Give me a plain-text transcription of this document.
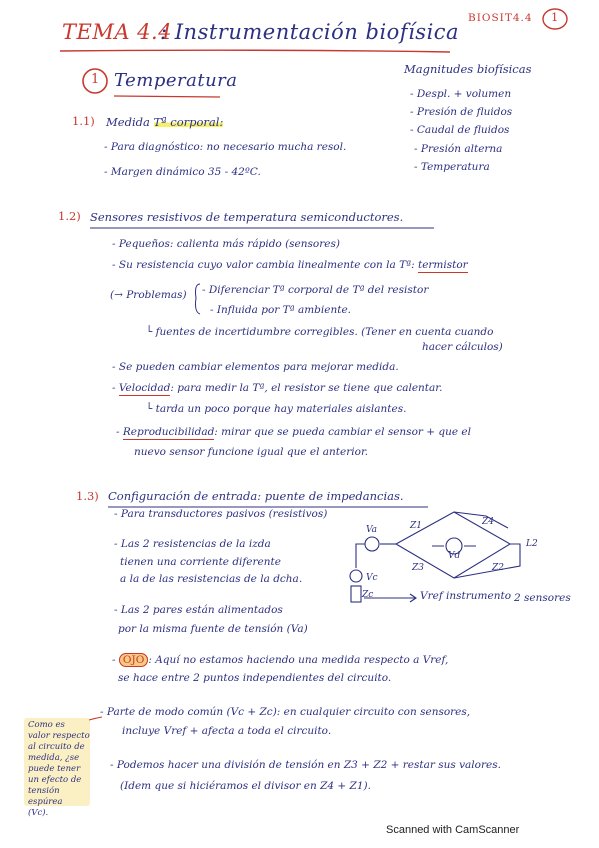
TEMA 4.4
: Instrumentación biofísica
BIOSIT4.4 1
1 Temperatura
Magnitudes biofísicas
- Despl. + volumen
- Presión de fluidos
- Caudal de fluidos
- Presión alterna
- Temperatura
1.1) Medida Tª corporal:
- Para diagnóstico: no necesario mucha resol.
- Margen dinámico 35 - 42ºC.
1.2) Sensores resistivos de temperatura semiconductores.
- Pequeños: calienta más rápido (sensores)
- Su resistencia cuyo valor cambia linealmente con la Tª: termistor
(→ Problemas) - Diferenciar Tª corporal de Tª del resistor
- Influida por Tª ambiente.
└ fuentes de incertidumbre corregibles. (Tener en cuenta cuando
hacer cálculos)
- Se pueden cambiar elementos para mejorar medida.
- Velocidad: para medir la Tª, el resistor se tiene que calentar.
└ tarda un poco porque hay materiales aislantes.
- Reproducibilidad: mirar que se pueda cambiar el sensor + que el
nuevo sensor funcione igual que el anterior.
1.3) Configuración de entrada: puente de impedancias.
- Para transductores pasivos (resistivos)
- Las 2 resistencias de la izda
tienen una corriente diferente
a la de las resistencias de la dcha.
- Las 2 pares están alimentados
por la misma fuente de tensión (Va)
Z1	Z4
Z3	Z2
Vd
Va
Vc
Zc
L2
Vref instrumento 2 sensores
- OJO : Aquí no estamos haciendo una medida respecto a Vref,
se hace entre 2 puntos independientes del circuito.
Como es
valor respecto
al circuito de
medida, ¿se
puede tener
un efecto de
tensión espúrea
(Vc).
- Parte de modo común (Vc + Zc): en cualquier circuito con sensores,
incluye Vref + afecta a toda el circuito.
- Podemos hacer una división de tensión en Z3 + Z2 + restar sus valores.
(Idem que si hiciéramos el divisor en Z4 + Z1).
Scanned with CamScanner
